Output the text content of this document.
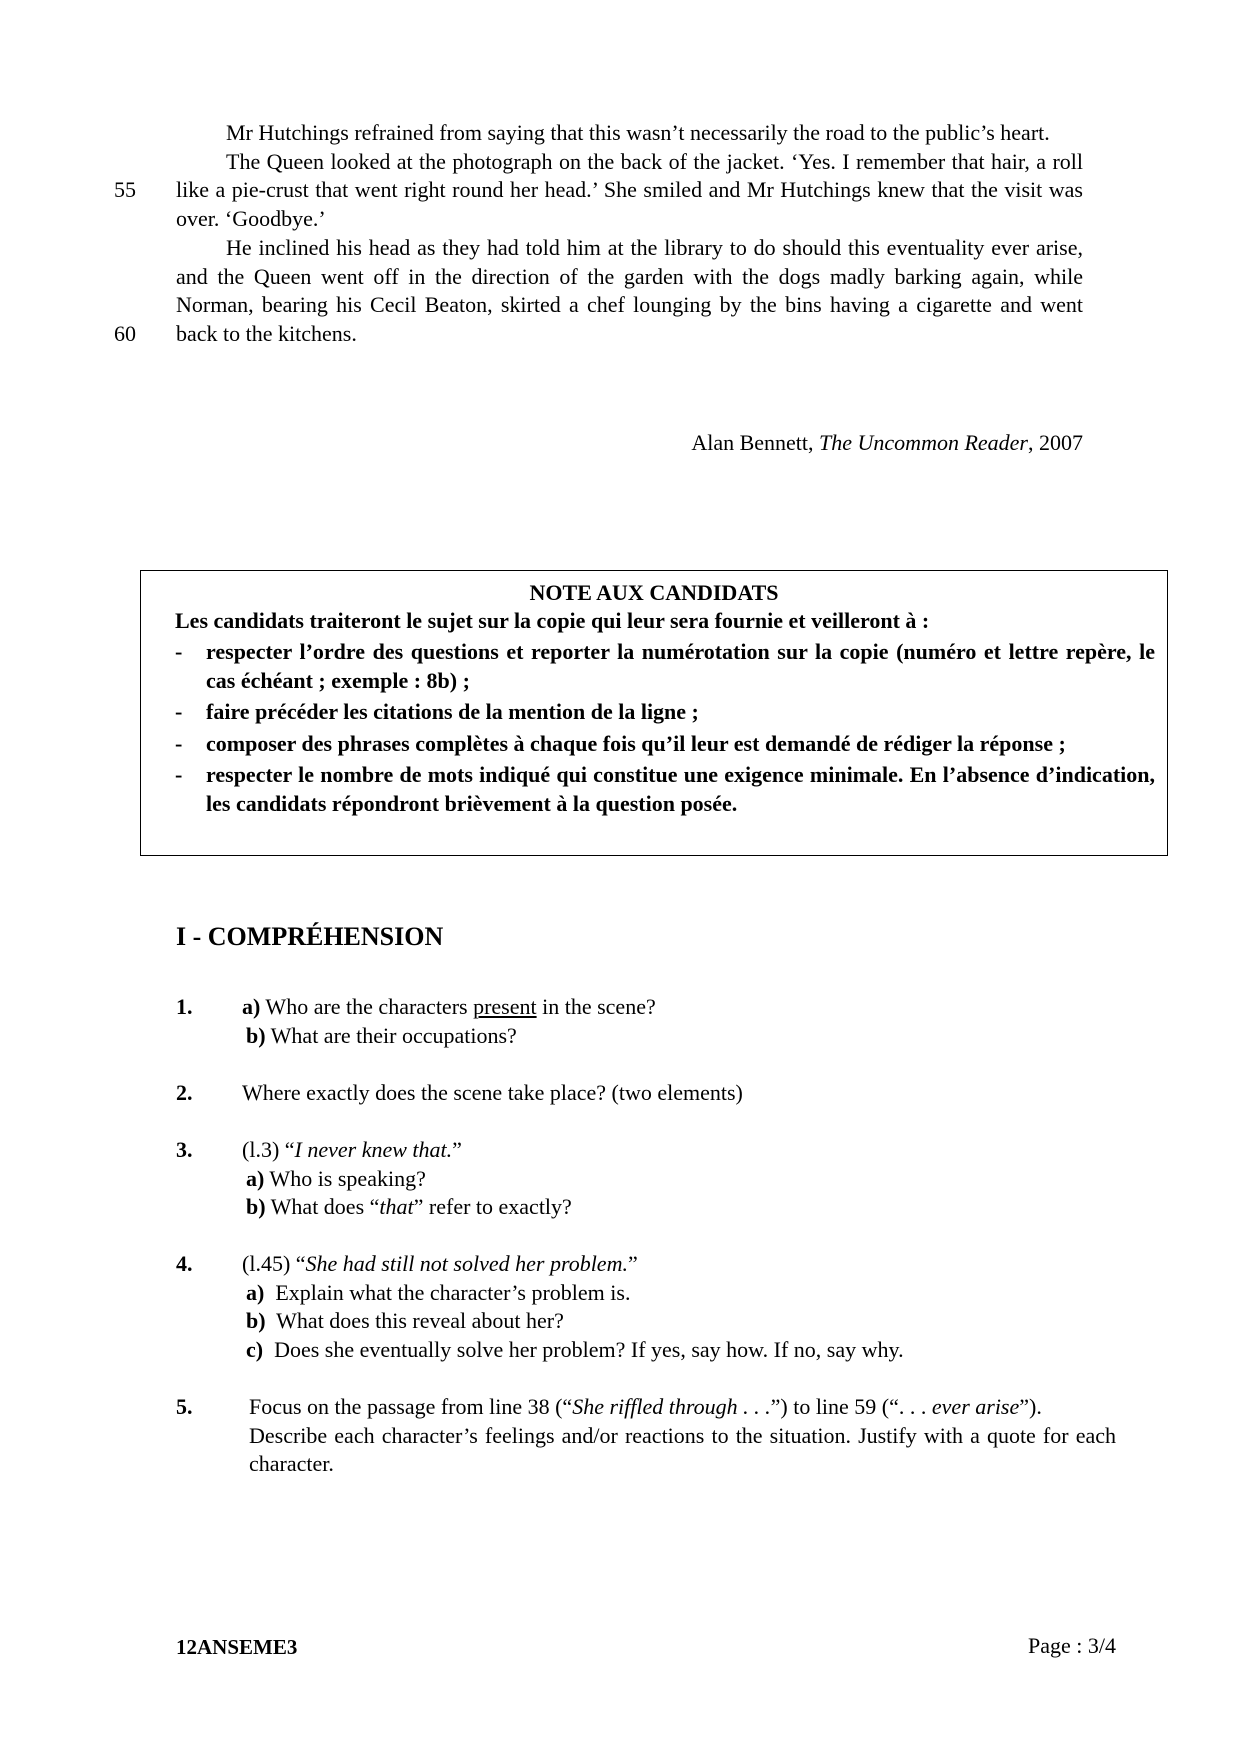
Mr Hutchings refrained from saying that this wasn’t necessarily the road to the public’s heart.

The Queen looked at the photograph on the back of the jacket. ‘Yes. I remember that hair, a roll like a pie-crust that went right round her head.’ She smiled and Mr Hutchings knew that the visit was over. ‘Goodbye.’

He inclined his head as they had told him at the library to do should this eventuality ever arise, and the Queen went off in the direction of the garden with the dogs madly barking again, while Norman, bearing his Cecil Beaton, skirted a chef lounging by the bins having a cigarette and went back to the kitchens.

55
60
Alan Bennett, The Uncommon Reader, 2007
NOTE AUX CANDIDATS
Les candidats traiteront le sujet sur la copie qui leur sera fournie et veilleront à :
- respecter l’ordre des questions et reporter la numérotation sur la copie (numéro et lettre repère, le cas échéant ; exemple : 8b) ;
- faire précéder les citations de la mention de la ligne ;
- composer des phrases complètes à chaque fois qu’il leur est demandé de rédiger la réponse ;
- respecter le nombre de mots indiqué qui constitue une exigence minimale. En l’absence d’indication, les candidats répondront brièvement à la question posée.
I - COMPRÉHENSION
1. a) Who are the characters present in the scene?
b) What are their occupations?
2. Where exactly does the scene take place? (two elements)
3. (l.3) “I never knew that.”
a) Who is speaking?
b) What does “that” refer to exactly?
4. (l.45) “She had still not solved her problem.”
a)  Explain what the character’s problem is.
b)  What does this reveal about her?
c)  Does she eventually solve her problem? If yes, say how. If no, say why.
5.	Focus on the passage from line 38 (“She riffled through . . .”) to line 59 (“. . . ever arise”).
Describe each character’s feelings and/or reactions to the situation. Justify with a quote for each character.
12ANSEME3	Page : 3/4
